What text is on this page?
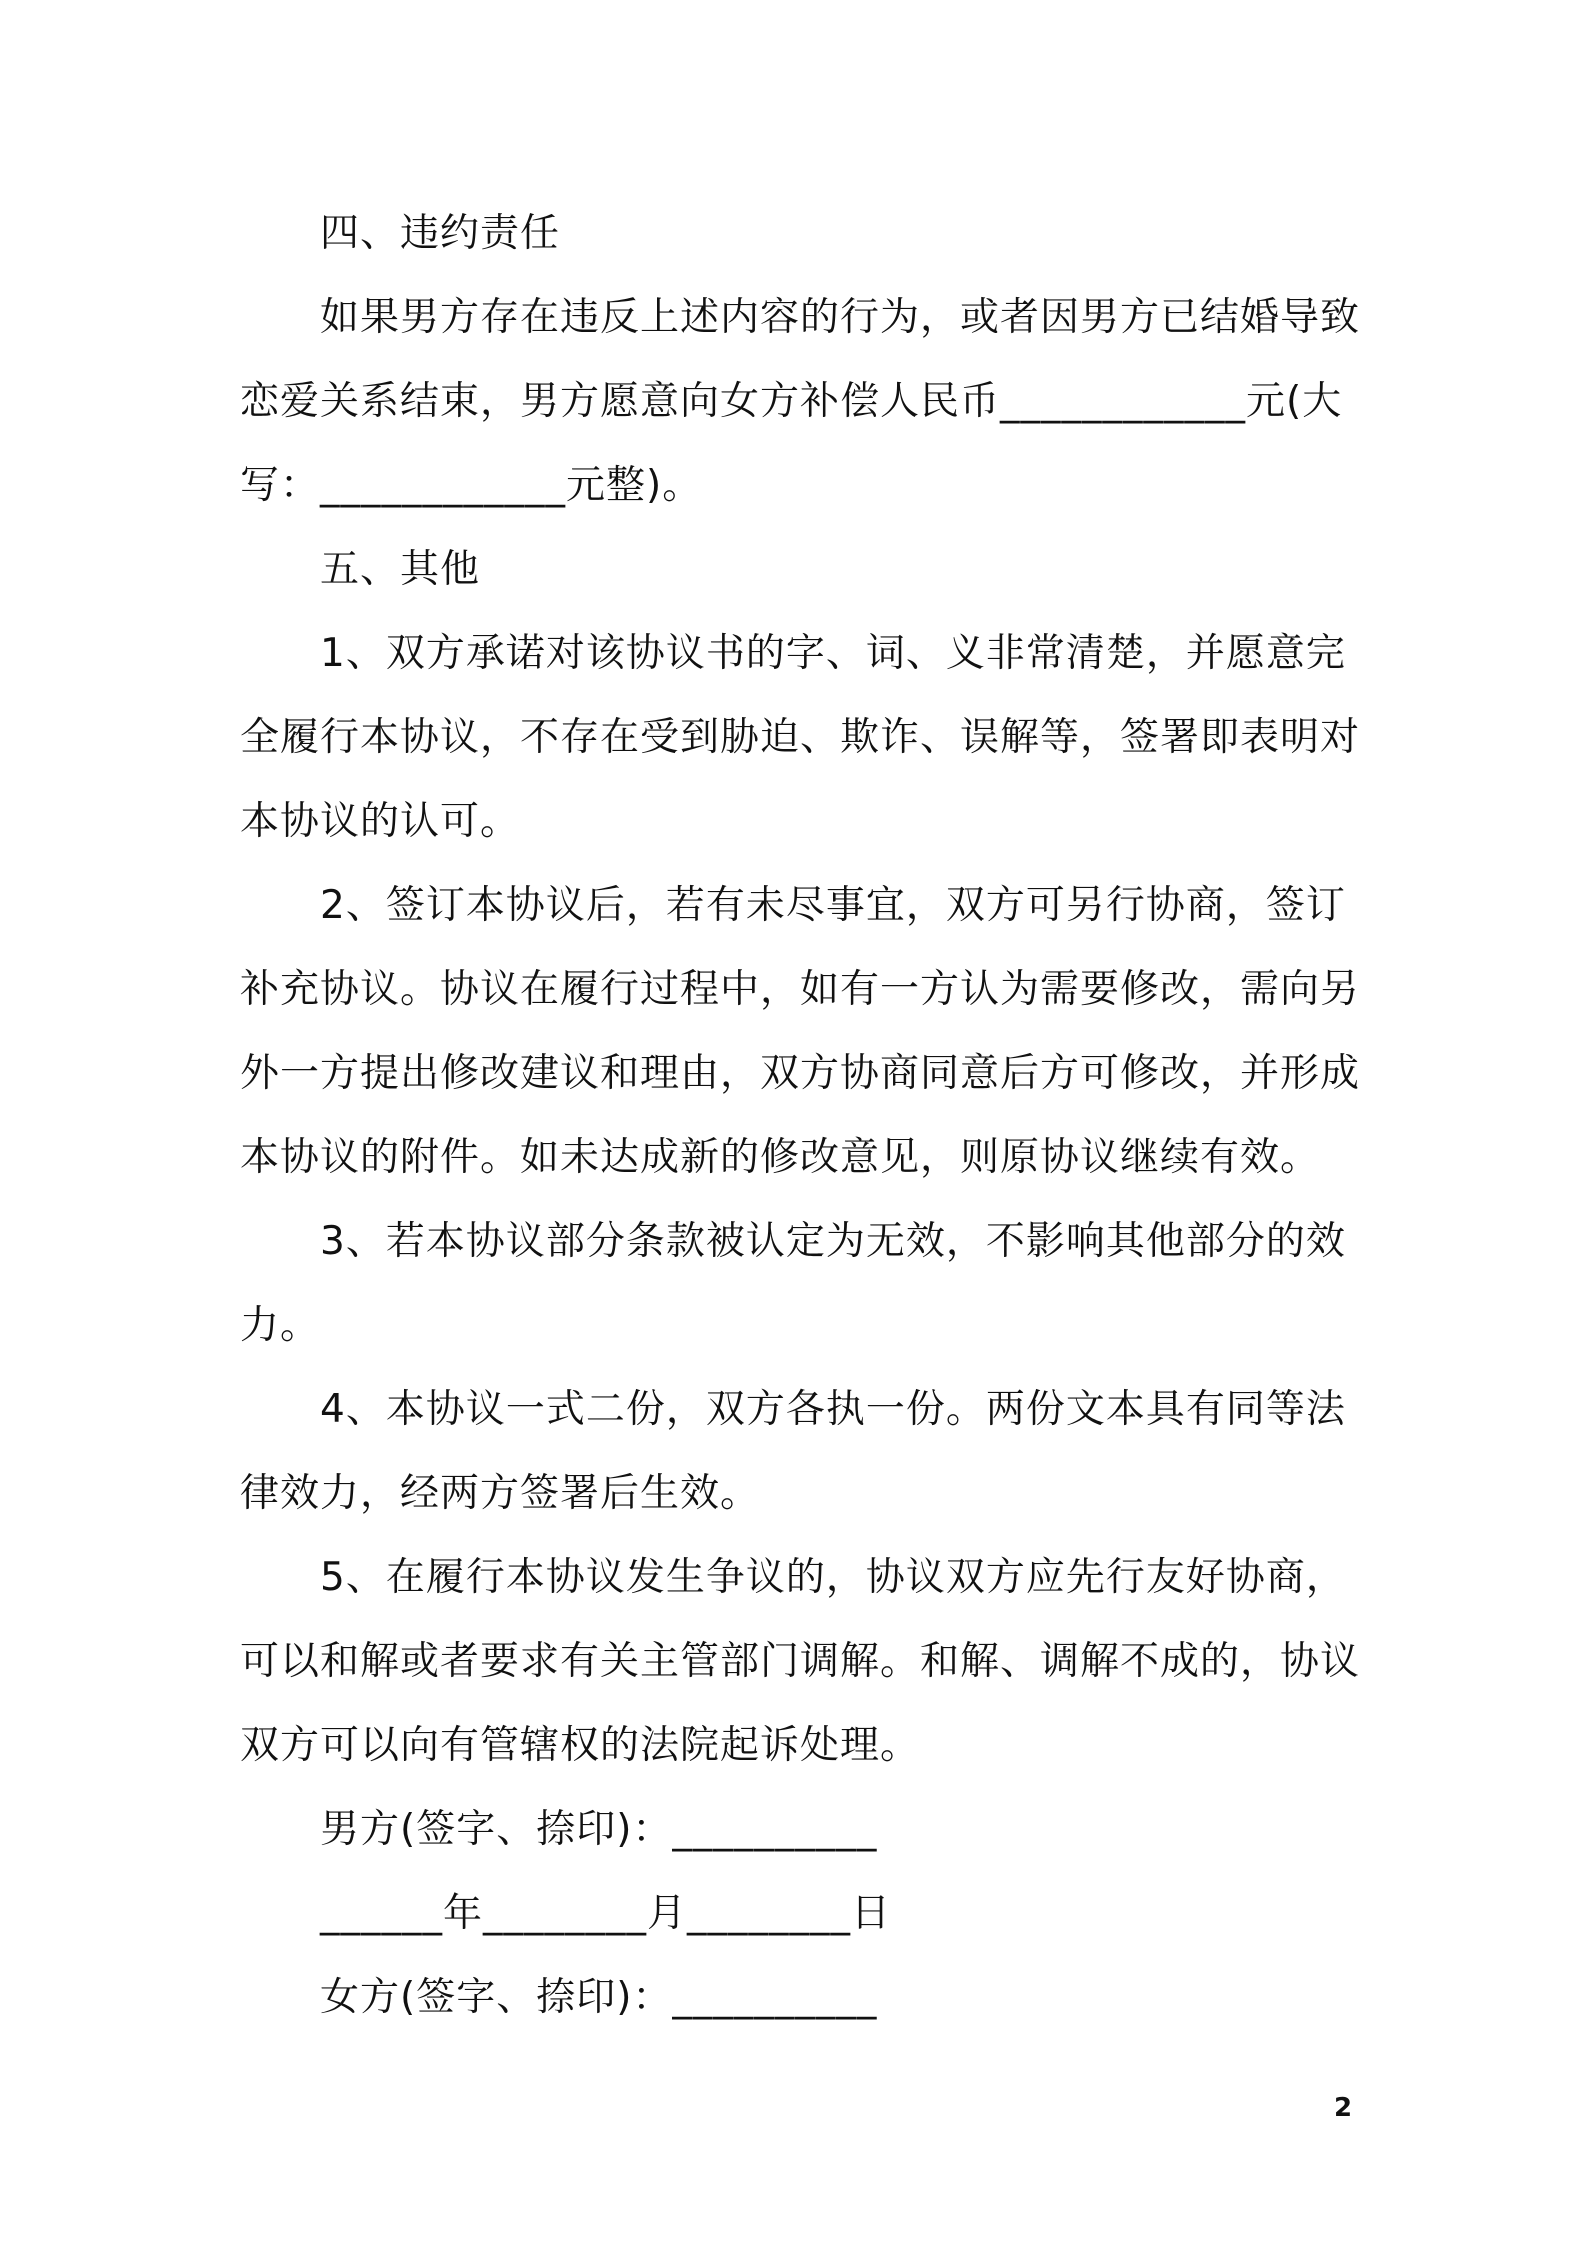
四、违约责任
如果男方存在违反上述内容的行为，或者因男方已结婚导致
恋爱关系结束，男方愿意向女方补偿人民币____________元(大
写：____________元整)。
五、其他
1、双方承诺对该协议书的字、词、义非常清楚，并愿意完
全履行本协议，不存在受到胁迫、欺诈、误解等，签署即表明对
本协议的认可。
2、签订本协议后，若有未尽事宜，双方可另行协商，签订
补充协议。协议在履行过程中，如有一方认为需要修改，需向另
外一方提出修改建议和理由，双方协商同意后方可修改，并形成
本协议的附件。如未达成新的修改意见，则原协议继续有效。
3、若本协议部分条款被认定为无效，不影响其他部分的效
力。
4、本协议一式二份，双方各执一份。两份文本具有同等法
律效力，经两方签署后生效。
5、在履行本协议发生争议的，协议双方应先行友好协商，
可以和解或者要求有关主管部门调解。和解、调解不成的，协议
双方可以向有管辖权的法院起诉处理。
男方(签字、捺印)：__________
______年________月________日
女方(签字、捺印)：__________
2
